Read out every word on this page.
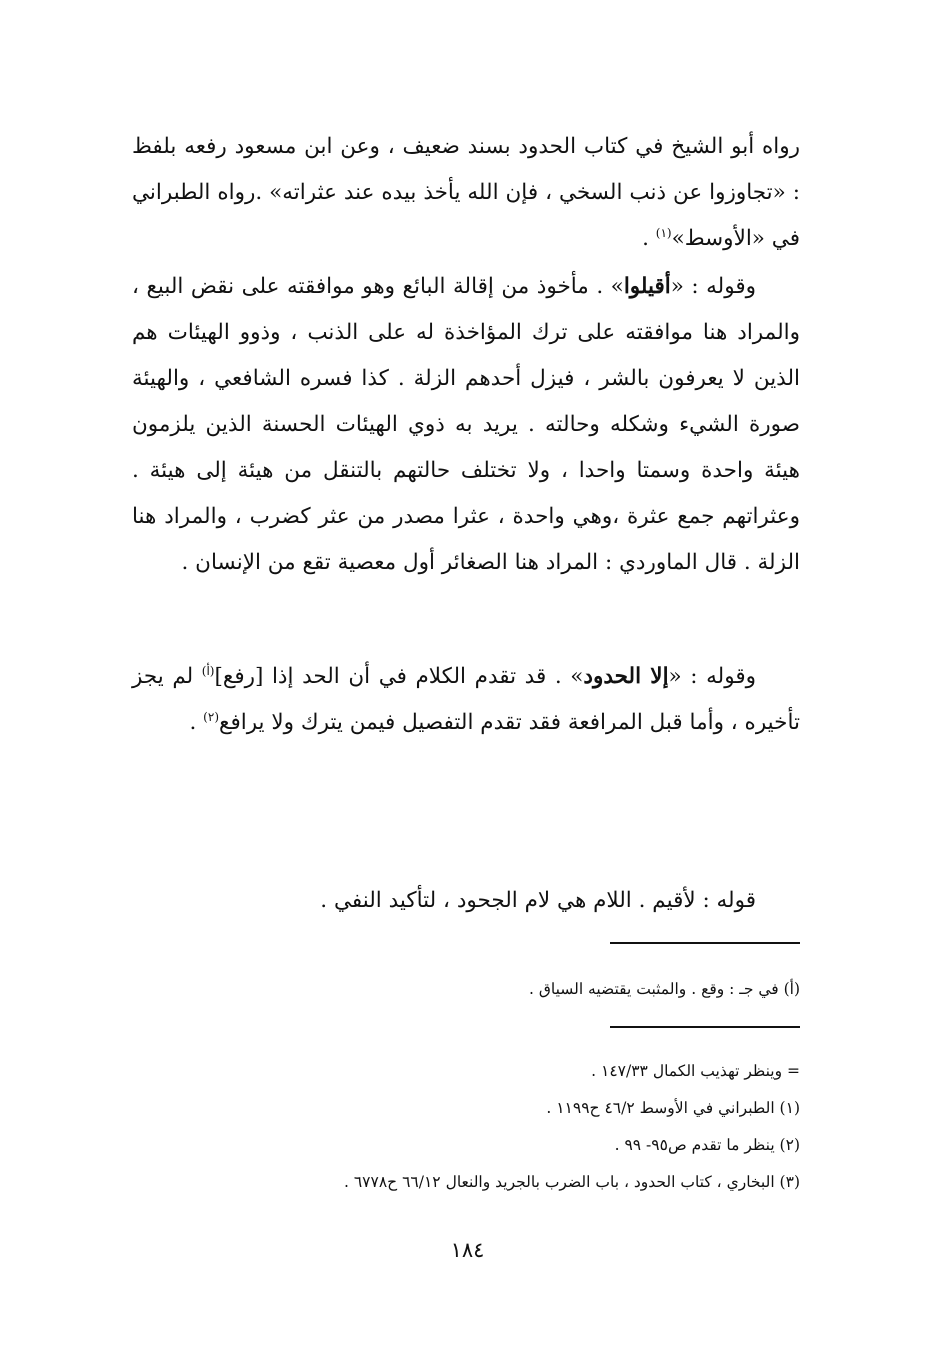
رواه أبو الشيخ في كتاب الحدود بسند ضعيف ، وعن ابن مسعود رفعه بلفظ : «تجاوزوا عن ذنب السخي ، فإن الله يأخذ بيده عند عثراته» .رواه الطبراني في «الأوسط»$^{(١)}$ .

وقوله : «أقيلوا» . مأخوذ من إقالة البائع وهو موافقته على نقض البيع ، والمراد هنا موافقته على ترك المؤاخذة له على الذنب ، وذوو الهيئات هم الذين لا يعرفون بالشر ، فيزل أحدهم الزلة . كذا فسره الشافعي ، والهيئة صورة الشيء وشكله وحالته . يريد به ذوي الهيئات الحسنة الذين يلزمون هيئة واحدة وسمتا واحدا ، ولا تختلف حالتهم بالتنقل من هيئة إلى هيئة . وعثراتهم جمع عثرة ،وهي واحدة ، عثرا مصدر من عثر كضرب ، والمراد هنا الزلة . قال الماوردي : المراد هنا الصغائر أول معصية تقع من الإنسان .

وقوله : «إلا الحدود» . قد تقدم الكلام في أن الحد إذا [رفع]$^{(أ)}$ لم يجز تأخيره ، وأما قبل المرافعة فقد تقدم التفصيل فيمن يترك ولا يرافع$^{(٢)}$ .

قوله : لأقيم . اللام هي لام الجحود ، لتأكيد النفي .

(أ) في جـ : وقع . والمثبت يقتضيه السياق .
= وينظر تهذيب الكمال ١٤٧/٣٣ .
(١) الطبراني في الأوسط ٤٦/٢ ح١١٩٩ .
(٢) ينظر ما تقدم ص٩٥- ٩٩ .
(٣) البخاري ، كتاب الحدود ، باب الضرب بالجريد والنعال ٦٦/١٢ ح٦٧٧٨ .
١٨٤
